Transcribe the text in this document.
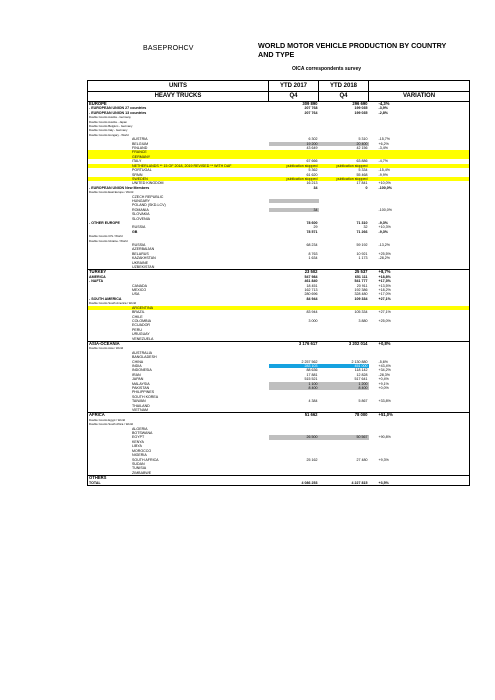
BASEPROHCV	WORLD MOTOR VEHICLE PRODUCTION BY COUNTRY AND TYPE
OICA correspondents survey
UNITS	YTD 2017	YTD 2018		
HEAVY TRUCKS	Q4	Q4	VARIATION	
EUROPE	309 890	296 690	-4,3%	
- EUROPEAN UNION 27 countries	207 768	199 035	-3,9%	
- EUROPEAN UNION 13 countries	207 764	199 035	-2,8%	
Double Counts Austria - Germany				
Double Counts Austria - Japan				
Double Counts Belgium - Germany				
Double Counts Italy - Germany				
Double Counts Hungary - World				
AUSTRIA	6 302	5 310	-15,7%	
BELGIUM	19 200	20 400	+6,2%	
FINLAND	43 649	42 156	-3,4%	
FRANCE				
GERMANY				
ITALY	67 666	63 886	-4,7%	
NETHERLANDS ** 15 OF 2018, 2019 REVISED ** WITH DAF	publication stopped	publication stopped		
PORTUGAL	5 362	5 334	-15,4%	
SPAIN	61 620	55 468	-9,9%	
SWEDEN	publication stopped	publication stopped		
UNITED KINGDOM	16 213	17 841	+10,0%	
- EUROPEAN UNION New Members	34	0	-100,0%	
Double Counts East Europe / World				
CZECH REPUBLIC				
HUNGARY				
POLAND (SKD-LCV)				
ROMANIA	34		-100,0%	
SLOVAKIA				
SLOVENIA				
- OTHER EUROPE	78 600	71 310	-9,3%	
RUSSIA	29	32	+10,3%	
GB	78 571	71 266	-9,3%	
Double Counts CIS / World				
Double Counts Ukraine / World				
RUSSIA	68 234	59 192	-13,2%	
AZERBAIJAN				
BELARUS	8 763	10 921	+25,5%	
KAZAKHSTAN	1 634	1 173	-28,2%	
UKRAINE				
UZBEKISTAN				
TURKEY	23 502	25 537	+8,7%	
AMERICA	547 984	651 111	+18,8%	
- NAFTA	461 840	541 777	+17,3%	
CANADA	18 451	20 911	+13,5%	
MEXICO	162 713	192 386	+18,2%	
USA	280 696	328 480	+17,0%	
- SOUTH AMERICA	84 944	109 334	+27,1%	
Double Counts South America / World				
ARGENTINA				
BRAZIL	83 944	105 334	+27,1%	
CHILE				
COLOMBIA	3 000	3 880	+25,0%	
ECUADOR				
PERU				
URUGUAY				
VENEZUELA				
ASIA-OCEANIA	3 176 617	3 202 014	+0,8%	
Double Counts Asia / World				
AUSTRALIA				
BANGLADESH				
CHINA	2 257 562	2 130 880	-5,6%	
INDIA	283 103	451 000	+43,4%	
INDONESIA	88 636	118 142	+34,2%	
IRAN	17 881	12 828	-28,3%	
JAPAN	515 521	517 641	+0,4%	
MALAYSIA	1 100	1 200	+9,1%	
PAKISTAN	8 400	8 400	+0,0%	
PHILIPPINES				
SOUTH KOREA				
TAIWAN	4 384	5 867	+33,8%	
THAILAND				
VIETNAM				
AFRICA	51 662	78 000	+51,0%	
Double Counts Egypt / World				
Double Counts South Africa / World				
ALGERIA				
BOTSWANA				
EGYPT	26 500	50 567	+90,8%	
KENYA				
LIBYA				
MOROCCO				
NIGERIA				
SOUTH AFRICA	25 162	27 480	+9,3%	
SUDAN				
TUNISIA				
ZIMBABWE				
OTHERS				
TOTAL	4 086 253	4 227 815	+3,5%	
